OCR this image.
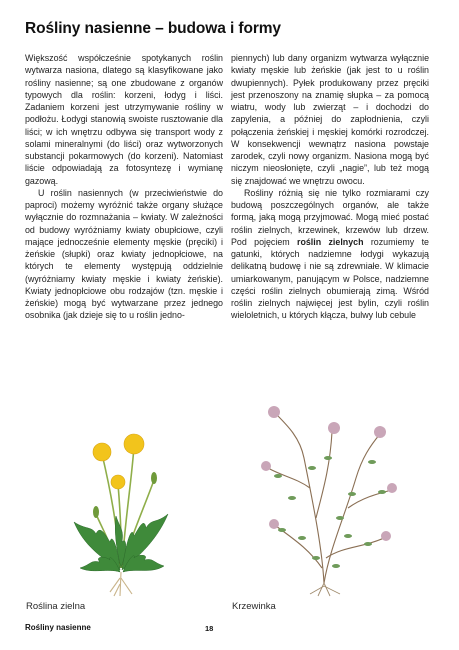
Rośliny nasienne – budowa i formy

Większość współcześnie spotykanych roślin wytwarza nasiona, dlatego są klasyfikowane jako rośliny nasienne; są one zbudowane z organów typowych dla roślin: korzeni, łodyg i liści. Zadaniem korzeni jest utrzymywanie rośliny w podłożu. Łodygi stanowią swoiste rusztowanie dla liści; w ich wnętrzu odbywa się transport wody z solami mineralnymi (do liści) oraz wytworzonych substancji pokarmowych (do korzeni). Natomiast liście odpowiadają za fotosyntezę i wymianę gazową.

U roślin nasiennych (w przeciwieństwie do paproci) możemy wyróżnić także organy służące wyłącznie do rozmnażania – kwiaty. W zależności od budowy wyróżniamy kwiaty obupłciowe, czyli mające jednocześnie elementy męskie (pręciki) i żeńskie (słupki) oraz kwiaty jednopłciowe, na których te elementy występują oddzielnie (wyróżniamy kwiaty męskie i kwiaty żeńskie). Kwiaty jednopłciowe obu rodzajów (tzn. męskie i żeńskie) mogą być wytwarzane przez jednego osobnika (jak dzieje się to u roślin jedno-

piennych) lub dany organizm wytwarza wyłącznie kwiaty męskie lub żeńskie (jak jest to u roślin dwupiennych). Pyłek produkowany przez pręciki jest przenoszony na znamię słupka – za pomocą wiatru, wody lub zwierząt – i dochodzi do zapylenia, a później do zapłodnienia, czyli połączenia żeńskiej i męskiej komórki rozrodczej. W konsekwencji wewnątrz nasiona powstaje zarodek, czyli nowy organizm. Nasiona mogą być niczym nieosłonięte, czyli „nagie”, lub też mogą się znajdować we wnętrzu owocu.

Rośliny różnią się nie tylko rozmiarami czy budową poszczególnych organów, ale także formą, jaką mogą przyjmować. Mogą mieć postać roślin zielnych, krzewinek, krzewów lub drzew. Pod pojęciem roślin zielnych rozumiemy te gatunki, których nadziemne łodygi wykazują delikatną budowę i nie są zdrewniałe. W klimacie umiarkowanym, panującym w Polsce, nadziemne części roślin zielnych obumierają zimą. Wśród roślin zielnych najwięcej jest bylin, czyli roślin wieloletnich, u których kłącza, bulwy lub cebule

Roślina zielna	Krzewinka
Rośliny nasienne	18
